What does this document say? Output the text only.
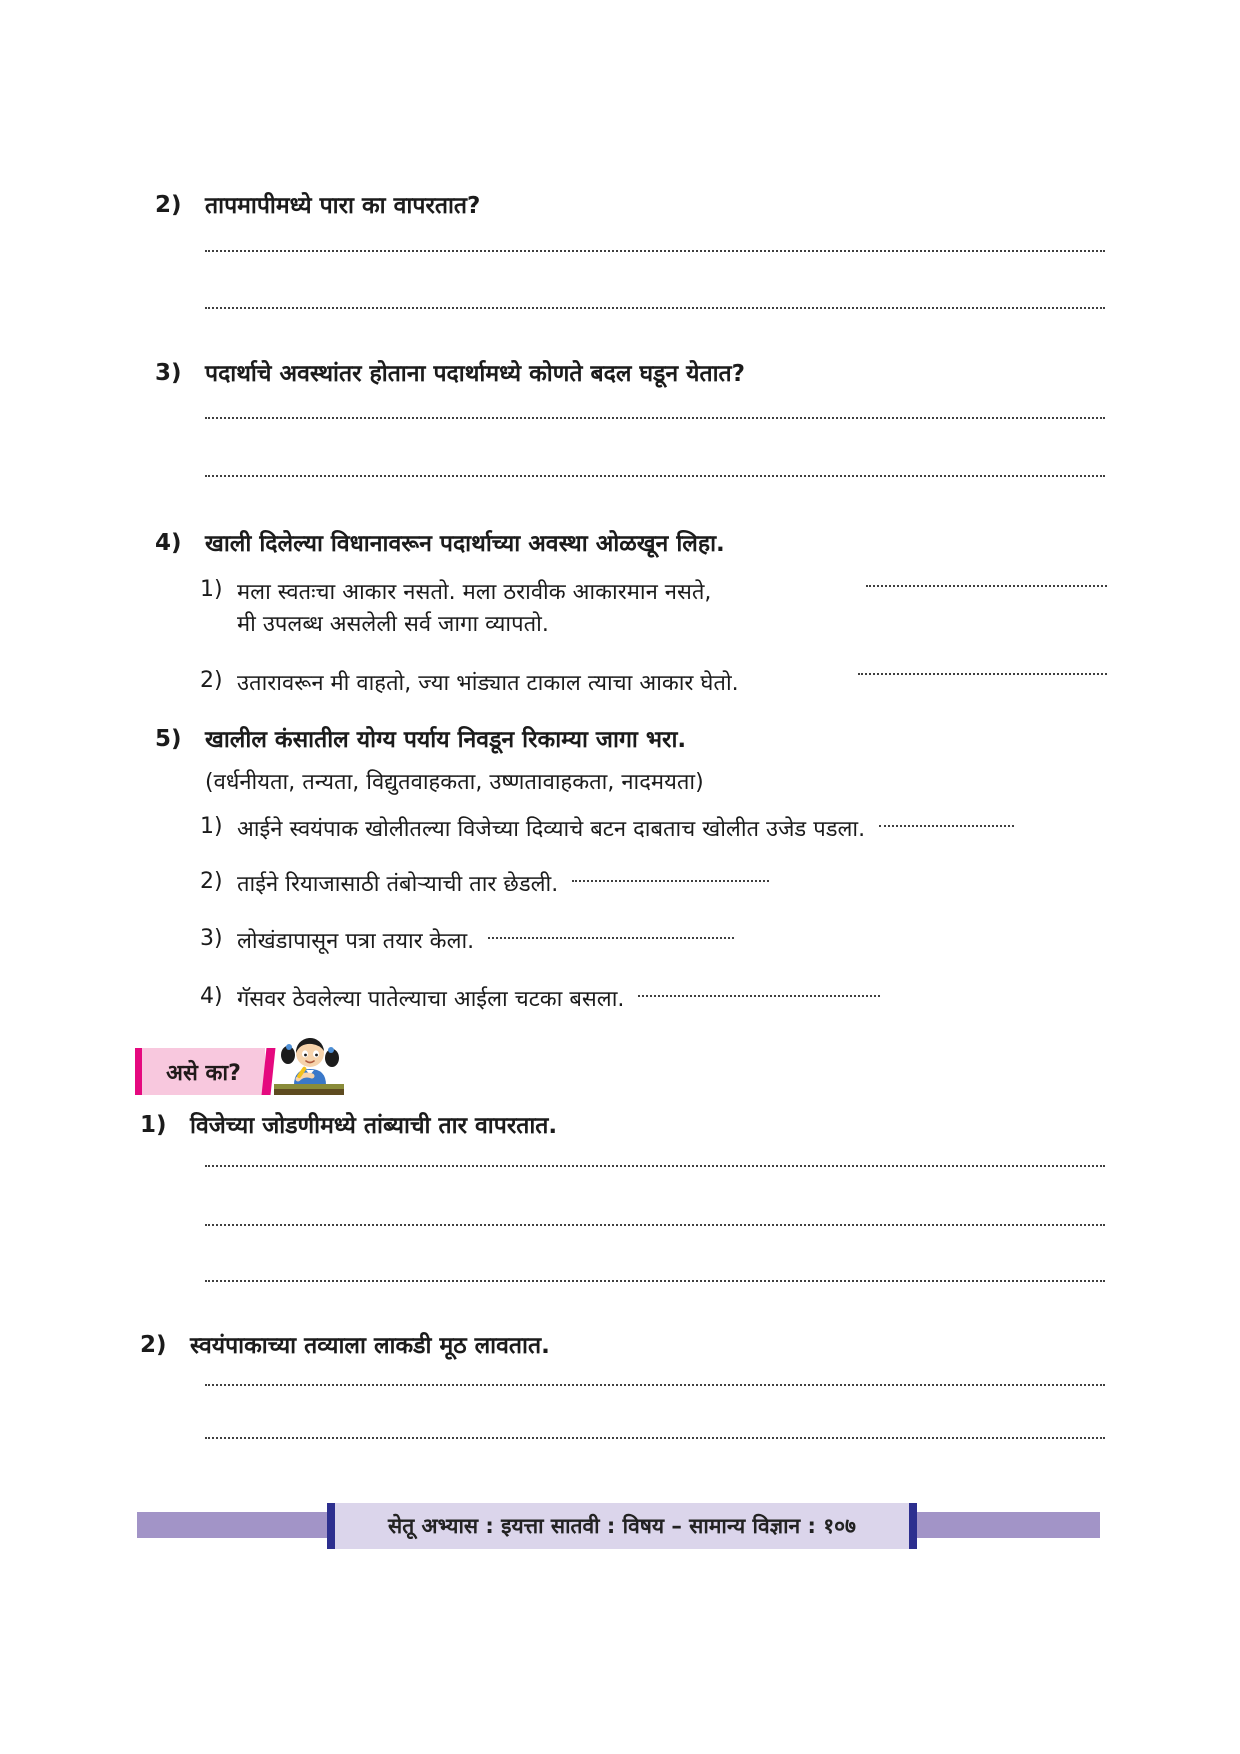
2)	तापमापीमध्ये पारा का वापरतात?
3)	पदार्थाचे अवस्थांतर होताना पदार्थामध्ये कोणते बदल घडून येतात?
4)	खाली दिलेल्या विधानावरून पदार्थाच्या अवस्था ओळखून लिहा.
1) मला स्वतःचा आकार नसतो. मला ठरावीक आकारमान नसते,
मी उपलब्ध असलेली सर्व जागा व्यापतो.
2) उतारावरून मी वाहतो, ज्या भांड्यात टाकाल त्याचा आकार घेतो.
5)	खालील कंसातील योग्य पर्याय निवडून रिकाम्या जागा भरा.
(वर्धनीयता, तन्यता, विद्युतवाहकता, उष्णतावाहकता, नादमयता)
1) आईने स्वयंपाक खोलीतल्या विजेच्या दिव्याचे बटन दाबताच खोलीत उजेड पडला.
2) ताईने रियाजासाठी तंबोऱ्याची तार छेडली.
3) लोखंडापासून पत्रा तयार केला.
4) गॅसवर ठेवलेल्या पातेल्याचा आईला चटका बसला.
असे का?
1)	विजेच्या जोडणीमध्ये तांब्याची तार वापरतात.
2)	स्वयंपाकाच्या तव्याला लाकडी मूठ लावतात.
सेतू अभ्यास : इयत्ता सातवी : विषय – सामान्य विज्ञान : १०७
